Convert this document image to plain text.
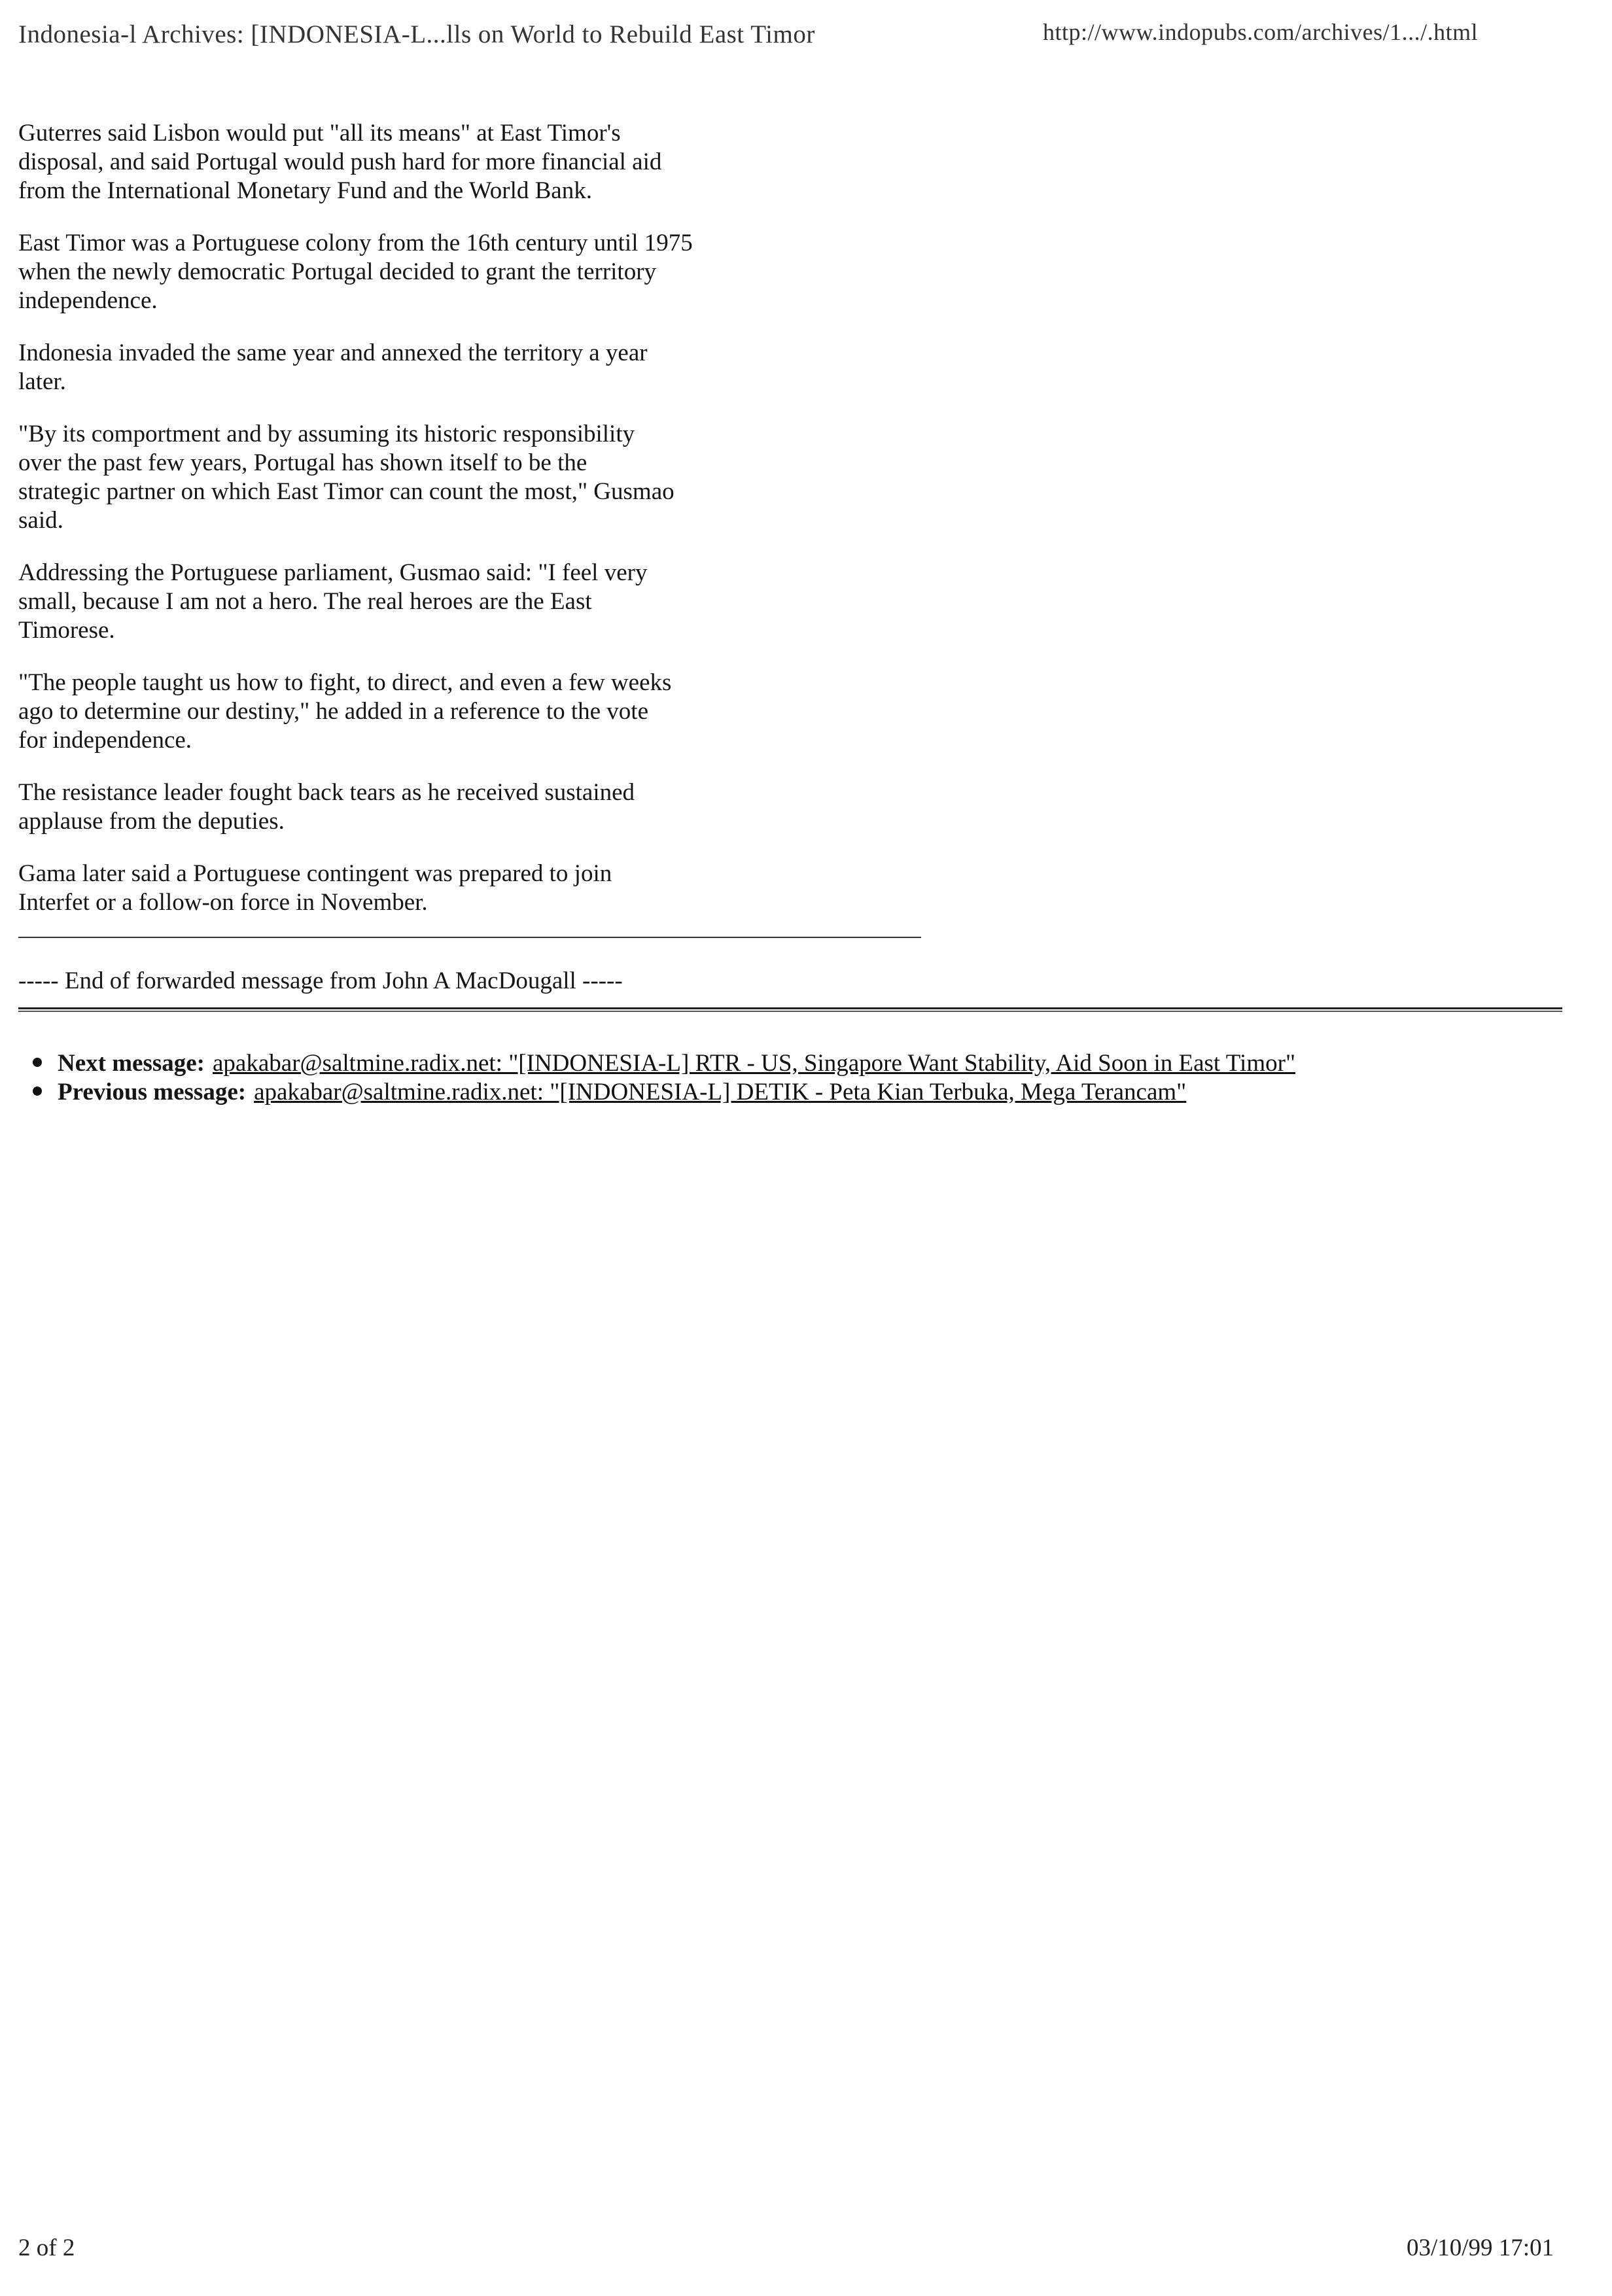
Indonesia-l Archives: [INDONESIA-L...lls on World to Rebuild East Timor	http://www.indopubs.com/archives/1.../.html

Guterres said Lisbon would put "all its means" at East Timor's
disposal, and said Portugal would push hard for more financial aid
from the International Monetary Fund and the World Bank.

East Timor was a Portuguese colony from the 16th century until 1975
when the newly democratic Portugal decided to grant the territory
independence.

Indonesia invaded the same year and annexed the territory a year
later.

"By its comportment and by assuming its historic responsibility
over the past few years, Portugal has shown itself to be the
strategic partner on which East Timor can count the most," Gusmao
said.

Addressing the Portuguese parliament, Gusmao said: "I feel very
small, because I am not a hero. The real heroes are the East
Timorese.

"The people taught us how to fight, to direct, and even a few weeks
ago to determine our destiny," he added in a reference to the vote
for independence.

The resistance leader fought back tears as he received sustained
applause from the deputies.

Gama later said a Portuguese contingent was prepared to join
Interfet or a follow-on force in November.

----- End of forwarded message from John A MacDougall -----
Next message: apakabar@saltmine.radix.net: "[INDONESIA-L] RTR - US, Singapore Want Stability, Aid Soon in East Timor"
Previous message: apakabar@saltmine.radix.net: "[INDONESIA-L] DETIK - Peta Kian Terbuka, Mega Terancam"
2 of 2	03/10/99 17:01
